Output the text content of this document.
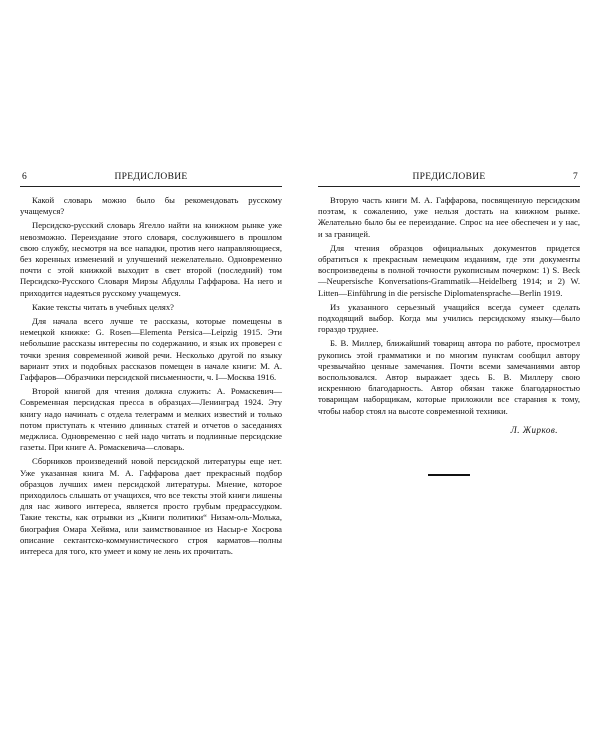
6	ПРЕДИСЛОВИЕ

Какой словарь можно было бы рекомендовать русскому учащемуся?

Персидско-русский словарь Ягелло найти на книжном рынке уже невозможно. Переиздание этого словаря, сослужившего в прошлом свою службу, несмотря на все нападки, против него направляющиеся, без коренных изменений и улучшений нежелательно. Одновременно почти с этой книжкой выходит в свет второй (последний) том Персидско-Русского Словаря Мирзы Абдуллы Гаффарова. На него и приходится надеяться русскому учащемуся.

Какие тексты читать в учебных целях?

Для начала всего лучше те рассказы, которые помещены в немецкой книжке: G. Rosen—Elementa Persica—Leipzig 1915. Эти небольшие рассказы интересны по содержанию, и язык их проверен с точки зрения современной живой речи. Несколько другой по языку вариант этих и подобных рассказов помещен в начале книги: М. А. Гаффаров—Образчики персидской письменности, ч. I—Москва 1916.

Второй книгой для чтения должна служить: А. Ромаскевич—Современная персидская пресса в образцах—Ленинград 1924. Эту книгу надо начинать с отдела телеграмм и мелких известий и только потом приступать к чтению длинных статей и отчетов о заседаниях меджлиса. Одновременно с ней надо читать и подлинные персидские газеты. При книге А. Ромаскевича—словарь.

Сборников произведений новой персидской литературы еще нет. Уже указанная книга М. А. Гаффарова дает прекрасный подбор образцов лучших имен персидской литературы. Мнение, которое приходилось слышать от учащихся, что все тексты этой книги лишены для нас живого интереса, является просто грубым предрассудком. Такие тексты, как отрывки из „Книги политики“ Низам-оль-Молька, биография Омара Хейяма, или заимствованное из Насыр-е Хосрова описание сектантско-коммунистического строя карматов—полны интереса для того, кто умеет и кому не лень их прочитать.

ПРЕДИСЛОВИЕ	7

Вторую часть книги М. А. Гаффарова, посвященную персидским поэтам, к сожалению, уже нельзя достать на книжном рынке. Желательно было бы ее переиздание. Спрос на нее обеспечен и у нас, и за границей.

Для чтения образцов официальных документов придется обратиться к прекрасным немецким изданиям, где эти документы воспроизведены в полной точности рукописным почерком: 1) S. Beck—Neupersische Konversations-Grammatik—Heidelberg 1914; и 2) W. Litten—Einführung in die persische Diplomatensprache—Berlin 1919.

Из указанного серьезный учащийся всегда сумеет сделать подходящий выбор. Когда мы учились персидскому языку—было гораздо труднее.

Б. В. Миллер, ближайший товарищ автора по работе, просмотрел рукопись этой грамматики и по многим пунктам сообщил автору чрезвычайно ценные замечания. Почти всеми замечаниями автор воспользовался. Автор выражает здесь Б. В. Миллеру свою искреннюю благодарность. Автор обязан также благодарностью товарищам наборщикам, которые приложили все старания к тому, чтобы набор стоял на высоте современной техники.

Л. Жирков.
